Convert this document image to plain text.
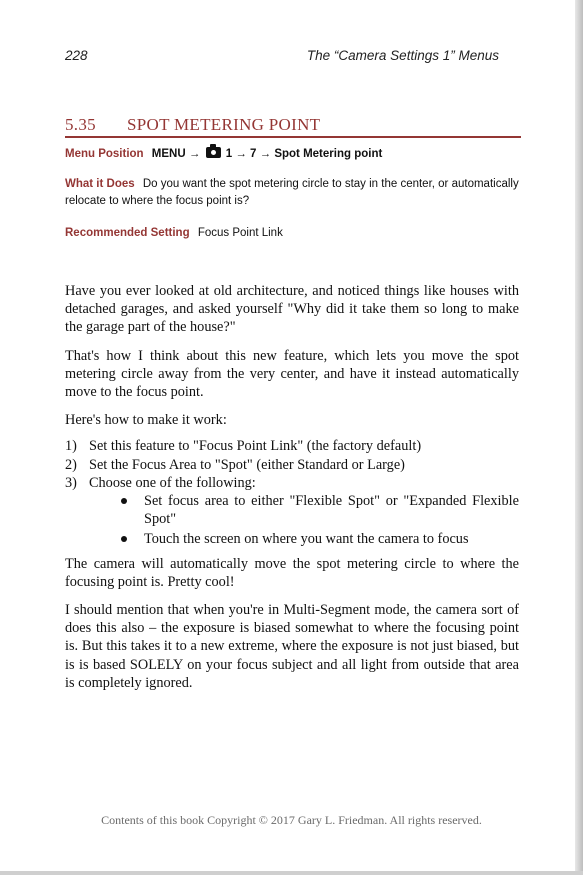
228	The “Camera Settings 1” Menus
5.35 SPOT METERING POINT
Menu Position MENU → 1 → 7 → Spot Metering point
What it Does Do you want the spot metering circle to stay in the center, or automatically relocate to where the focus point is?
Recommended Setting Focus Point Link

Have you ever looked at old architecture, and noticed things like houses with detached garages, and asked yourself "Why did it take them so long to make the garage part of the house?"

That's how I think about this new feature, which lets you move the spot metering circle away from the very center, and have it instead automatically move to the focus point.

Here's how to make it work:

1) Set this feature to "Focus Point Link" (the factory default)
2) Set the Focus Area to "Spot" (either Standard or Large)
3) Choose one of the following:
Set focus area to either "Flexible Spot" or "Expanded Flexible Spot"
Touch the screen on where you want the camera to focus

The camera will automatically move the spot metering circle to where the focusing point is. Pretty cool!

I should mention that when you're in Multi-Segment mode, the camera sort of does this also – the exposure is biased somewhat to where the focusing point is. But this takes it to a new extreme, where the exposure is not just biased, but is is based SOLELY on your focus subject and all light from outside that area is completely ignored.

Contents of this book Copyright © 2017 Gary L. Friedman. All rights reserved.
